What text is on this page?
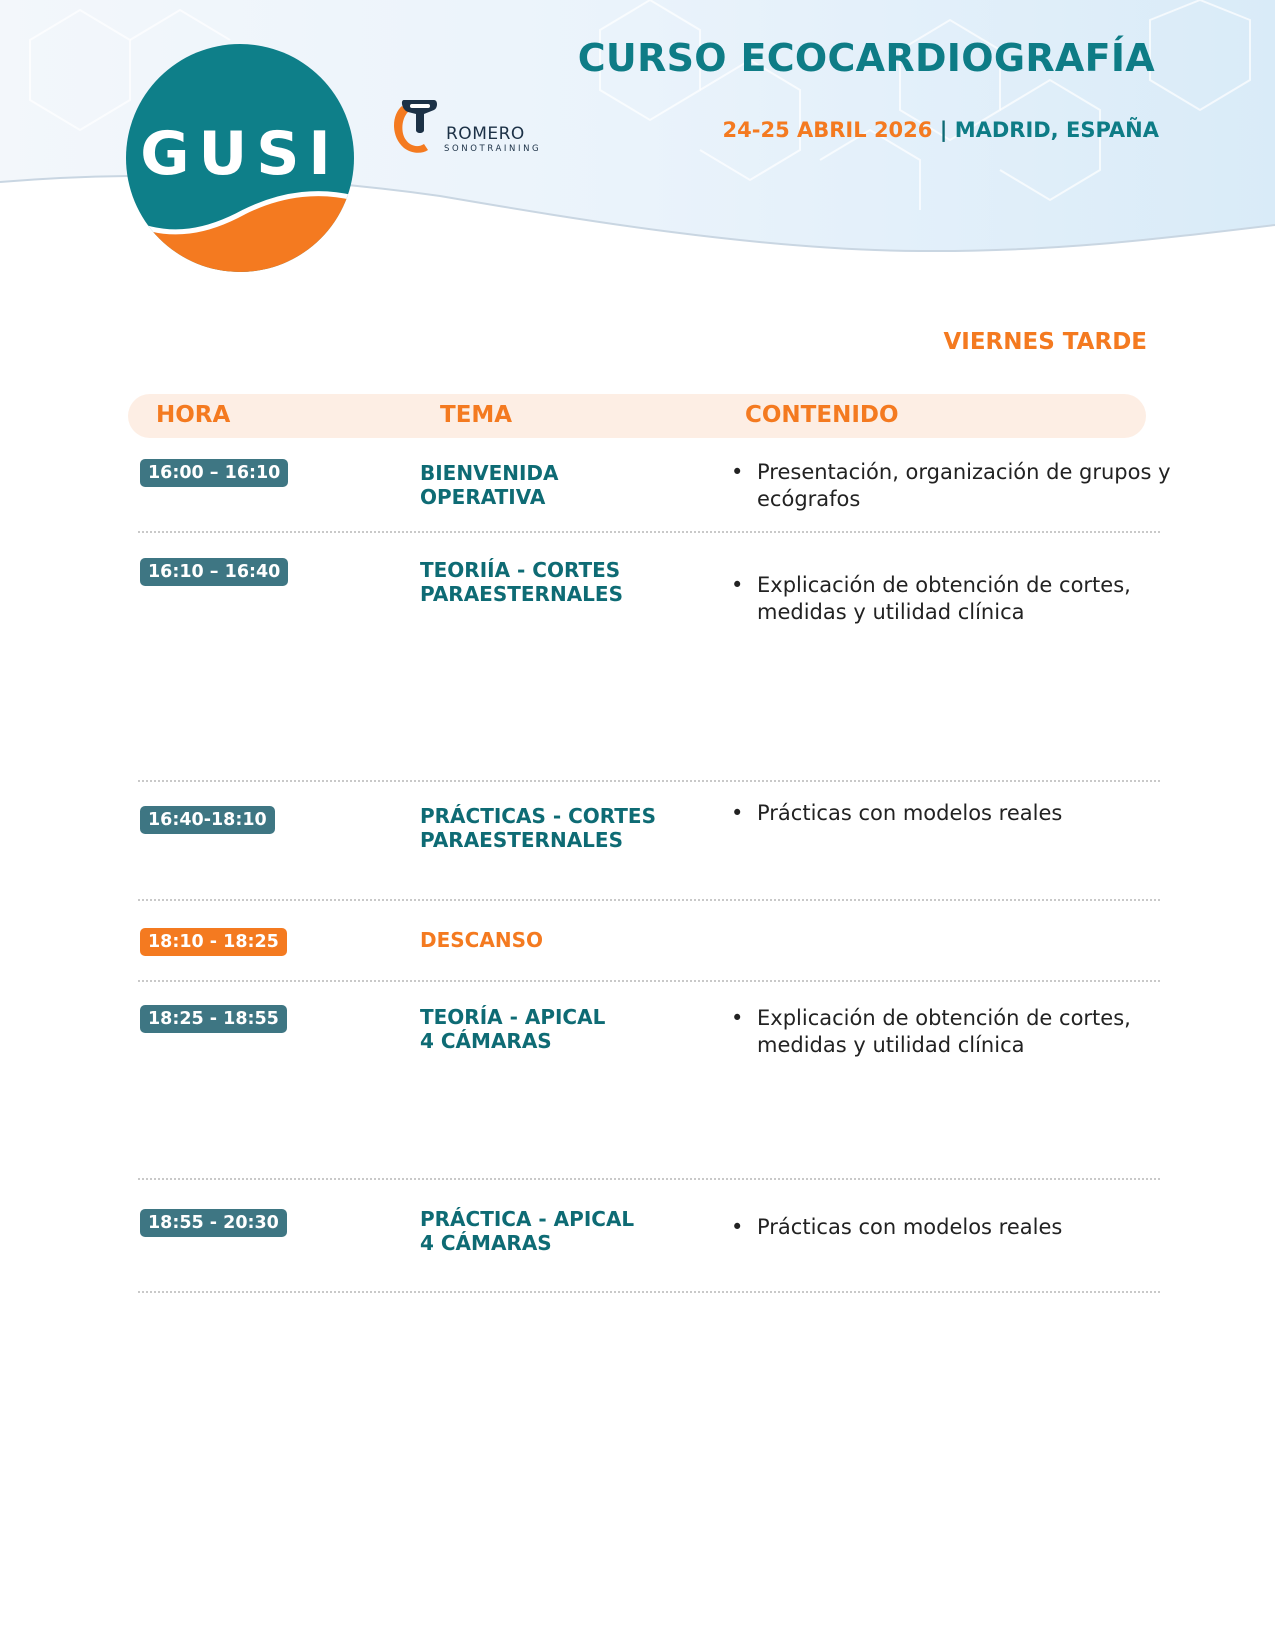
GUSI	ROMERO
SONOTRAINING
CURSO ECOCARDIOGRAFÍA
24-25 ABRIL 2026 | MADRID, ESPAÑA
VIERNES TARDE
HORA	TEMA	CONTENIDO
16:00 – 16:10	BIENVENIDA
OPERATIVA
• Presentación, organización de grupos y ecógrafos
16:10 – 16:40	TEORIÍA - CORTES
PARAESTERNALES
•	Explicación de obtención de cortes, medidas y utilidad clínica
16:40-18:10	PRÁCTICAS - CORTES
PARAESTERNALES
• Prácticas con modelos reales
18:10 - 18:25	DESCANSO
18:25 - 18:55	TEORÍA - APICAL
4 CÁMARAS
• Explicación de obtención de cortes, medidas y utilidad clínica
18:55 - 20:30	PRÁCTICA - APICAL
4 CÁMARAS
• Prácticas con modelos reales
